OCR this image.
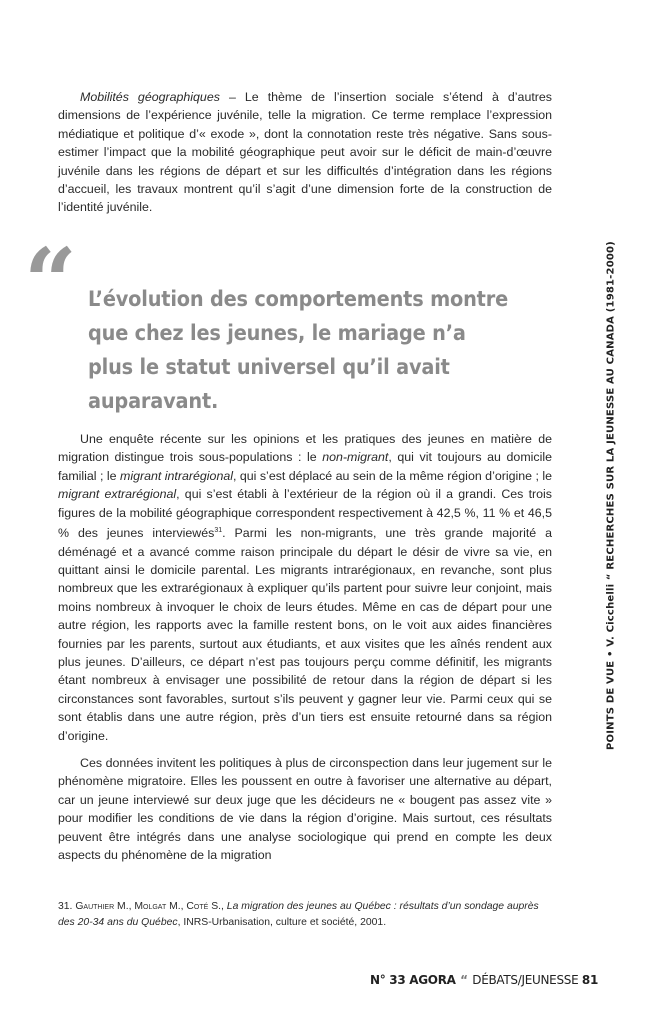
Mobilités géographiques – Le thème de l’insertion sociale s’étend à d’autres dimensions de l’expérience juvénile, telle la migration. Ce terme remplace l’expression médiatique et politique d’« exode », dont la connotation reste très négative. Sans sous-estimer l’impact que la mobilité géographique peut avoir sur le déficit de main-d’œuvre juvénile dans les régions de départ et sur les difficultés d’intégration dans les régions d’accueil, les travaux montrent qu’il s’agit d’une dimension forte de la construction de l’identité juvénile.

“ L’évolution des comportements montre que chez les jeunes, le mariage n’a plus le statut universel qu’il avait auparavant.

Une enquête récente sur les opinions et les pratiques des jeunes en matière de migration distingue trois sous-populations : le non-migrant, qui vit toujours au domicile familial ; le migrant intrarégional, qui s’est déplacé au sein de la même région d’origine ; le migrant extrarégional, qui s’est établi à l’extérieur de la région où il a grandi. Ces trois figures de la mobilité géographique correspondent respectivement à 42,5 %, 11 % et 46,5 % des jeunes interviewés$^{31}$. Parmi les non-migrants, une très grande majorité a déménagé et a avancé comme raison principale du départ le désir de vivre sa vie, en quittant ainsi le domicile parental. Les migrants intrarégionaux, en revanche, sont plus nombreux que les extrarégionaux à expliquer qu’ils partent pour suivre leur conjoint, mais moins nombreux à invoquer le choix de leurs études. Même en cas de départ pour une autre région, les rapports avec la famille restent bons, on le voit aux aides financières fournies par les parents, surtout aux étudiants, et aux visites que les aînés rendent aux plus jeunes. D’ailleurs, ce départ n’est pas toujours perçu comme définitif, les migrants étant nombreux à envisager une possibilité de retour dans la région de départ si les circonstances sont favorables, surtout s’ils peuvent y gagner leur vie. Parmi ceux qui se sont établis dans une autre région, près d’un tiers est ensuite retourné dans sa région d’origine.

Ces données invitent les politiques à plus de circonspection dans leur jugement sur le phénomène migratoire. Elles les poussent en outre à favoriser une alternative au départ, car un jeune interviewé sur deux juge que les décideurs ne « bougent pas assez vite » pour modifier les conditions de vie dans la région d’origine. Mais surtout, ces résultats peuvent être intégrés dans une analyse sociologique qui prend en compte les deux aspects du phénomène de la migration

31. Gauthier M., Molgat M., Coté S., La migration des jeunes au Québec : résultats d’un sondage auprès des 20-34 ans du Québec, INRS-Urbanisation, culture et société, 2001.

POINTS DE VUE • V. Cicchelli “ RECHERCHES SUR LA JEUNESSE AU CANADA (1981-2000)
N° 33 AGORA “ DÉBATS/JEUNESSE 81
